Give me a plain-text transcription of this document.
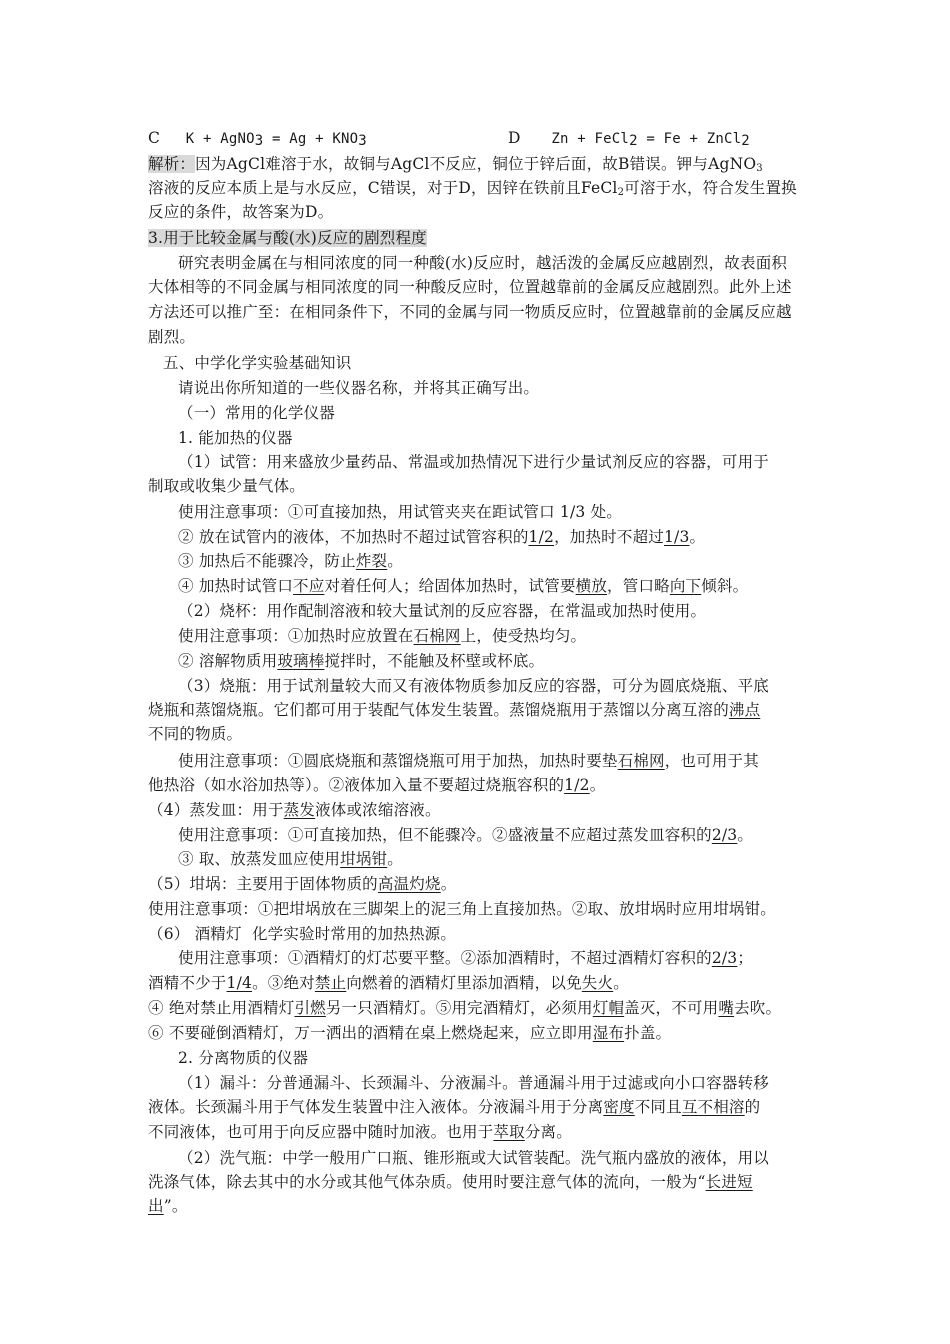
C K + AgNO$_3$ = $Ag + KNO_3$	D Zn + FeCl$_2$ = Fe + ZnCl$_2$
解析：因为AgCl难溶于水，故铜与AgCl不反应，铜位于锌后面，故B错误。钾与AgNO$_3$
溶液的反应本质上是与水反应，C错误，对于D，因锌在铁前且FeCl$_2$可溶于水，符合发生置换
反应的条件，故答案为D。
3.用于比较金属与酸(水)反应的剧烈程度
研究表明金属在与相同浓度的同一种酸(水)反应时，越活泼的金属反应越剧烈，故表面积
大体相等的不同金属与相同浓度的同一种酸反应时，位置越靠前的金属反应越剧烈。此外上述
方法还可以推广至：在相同条件下，不同的金属与同一物质反应时，位置越靠前的金属反应越
剧烈。
五、中学化学实验基础知识
请说出你所知道的一些仪器名称，并将其正确写出。
（一）常用的化学仪器
1. 能加热的仪器
（1）试管：用来盛放少量药品、常温或加热情况下进行少量试剂反应的容器，可用于
制取或收集少量气体。
使用注意事项：①可直接加热，用试管夹夹在距试管口 1/3 处。
② 放在试管内的液体，不加热时不超过试管容积的1/2，加热时不超过1/3。
③ 加热后不能骤冷，防止炸裂。
④ 加热时试管口不应对着任何人；给固体加热时，试管要横放，管口略向下倾斜。
（2）烧杯：用作配制溶液和较大量试剂的反应容器，在常温或加热时使用。
使用注意事项：①加热时应放置在石棉网上，使受热均匀。
② 溶解物质用玻璃棒搅拌时，不能触及杯壁或杯底。
（3）烧瓶：用于试剂量较大而又有液体物质参加反应的容器，可分为圆底烧瓶、平底
烧瓶和蒸馏烧瓶。它们都可用于装配气体发生装置。蒸馏烧瓶用于蒸馏以分离互溶的沸点
不同的物质。
使用注意事项：①圆底烧瓶和蒸馏烧瓶可用于加热，加热时要垫石棉网，也可用于其
他热浴（如水浴加热等）。②液体加入量不要超过烧瓶容积的1/2。
（4）蒸发皿：用于蒸发液体或浓缩溶液。
使用注意事项：①可直接加热，但不能骤冷。②盛液量不应超过蒸发皿容积的2/3。
③ 取、放蒸发皿应使用坩埚钳。
（5）坩埚：主要用于固体物质的高温灼烧。
使用注意事项：①把坩埚放在三脚架上的泥三角上直接加热。②取、放坩埚时应用坩埚钳。
（6） 酒精灯  化学实验时常用的加热热源。
使用注意事项：①酒精灯的灯芯要平整。②添加酒精时，不超过酒精灯容积的2/3；
酒精不少于1/4。③绝对禁止向燃着的酒精灯里添加酒精，以免失火。
④ 绝对禁止用酒精灯引燃另一只酒精灯。⑤用完酒精灯，必须用灯帽盖灭，不可用嘴去吹。
⑥ 不要碰倒酒精灯，万一洒出的酒精在桌上燃烧起来，应立即用湿布扑盖。
2. 分离物质的仪器
（1）漏斗：分普通漏斗、长颈漏斗、分液漏斗。普通漏斗用于过滤或向小口容器转移
液体。长颈漏斗用于气体发生装置中注入液体。分液漏斗用于分离密度不同且互不相溶的
不同液体，也可用于向反应器中随时加液。也用于萃取分离。
（2）洗气瓶：中学一般用广口瓶、锥形瓶或大试管装配。洗气瓶内盛放的液体，用以
洗涤气体，除去其中的水分或其他气体杂质。使用时要注意气体的流向，一般为“长进短
出”。
